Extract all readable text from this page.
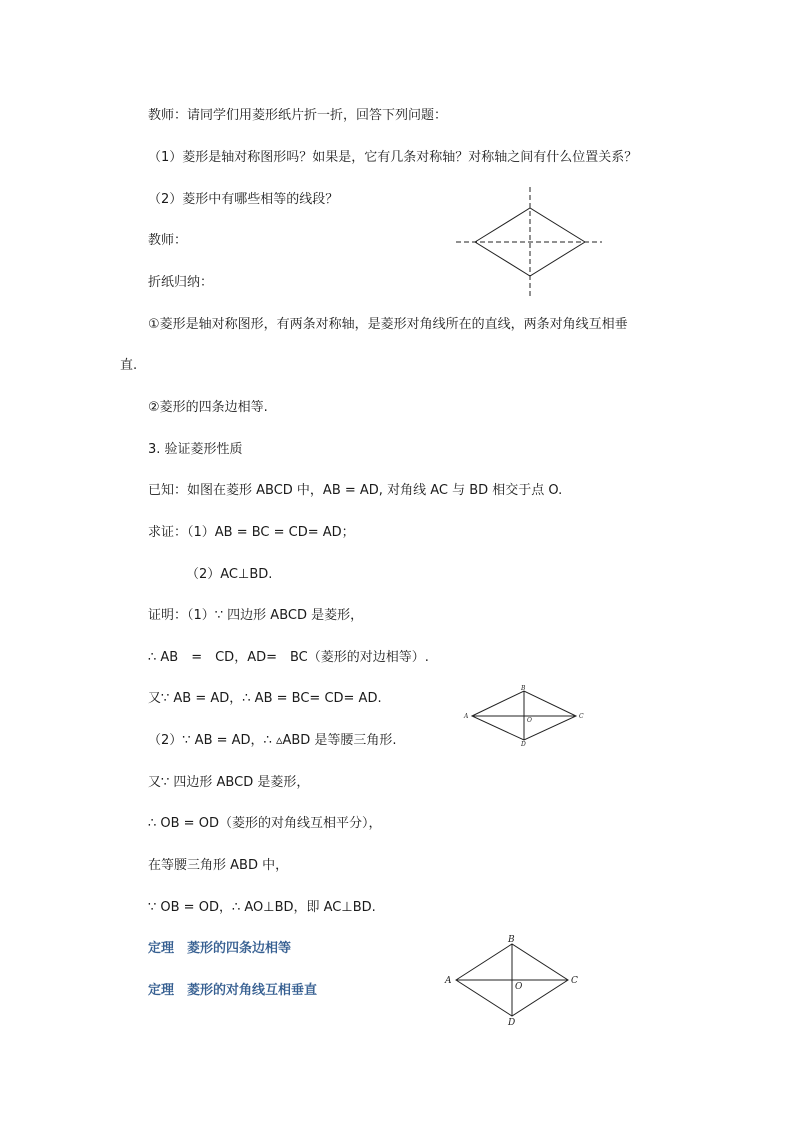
教师：请同学们用菱形纸片折一折，回答下列问题：
（1）菱形是轴对称图形吗？如果是，它有几条对称轴？对称轴之间有什么位置关系？
（2）菱形中有哪些相等的线段？
教师：
折纸归纳：
①菱形是轴对称图形，有两条对称轴，是菱形对角线所在的直线，两条对角线互相垂
直.
②菱形的四条边相等.
3. 验证菱形性质
已知：如图在菱形 ABCD 中，AB = AD, 对角线 AC 与 BD 相交于点 O.
求证：（1）AB = BC = CD= AD；
（2）AC⊥BD.
证明：（1）∵ 四边形 ABCD 是菱形，
∴ AB　=　CD，AD=　BC（菱形的对边相等）.
又∵ AB = AD，∴ AB = BC= CD= AD.
（2）∵ AB = AD，∴ ▵ABD 是等腰三角形.
又∵ 四边形 ABCD 是菱形，
∴ OB = OD（菱形的对角线互相平分），
在等腰三角形 ABD 中，
∵ OB = OD，∴ AO⊥BD，即 AC⊥BD.
定理　菱形的四条边相等
定理　菱形的对角线互相垂直
A
B
C
D
O
A
B
C
D
O
